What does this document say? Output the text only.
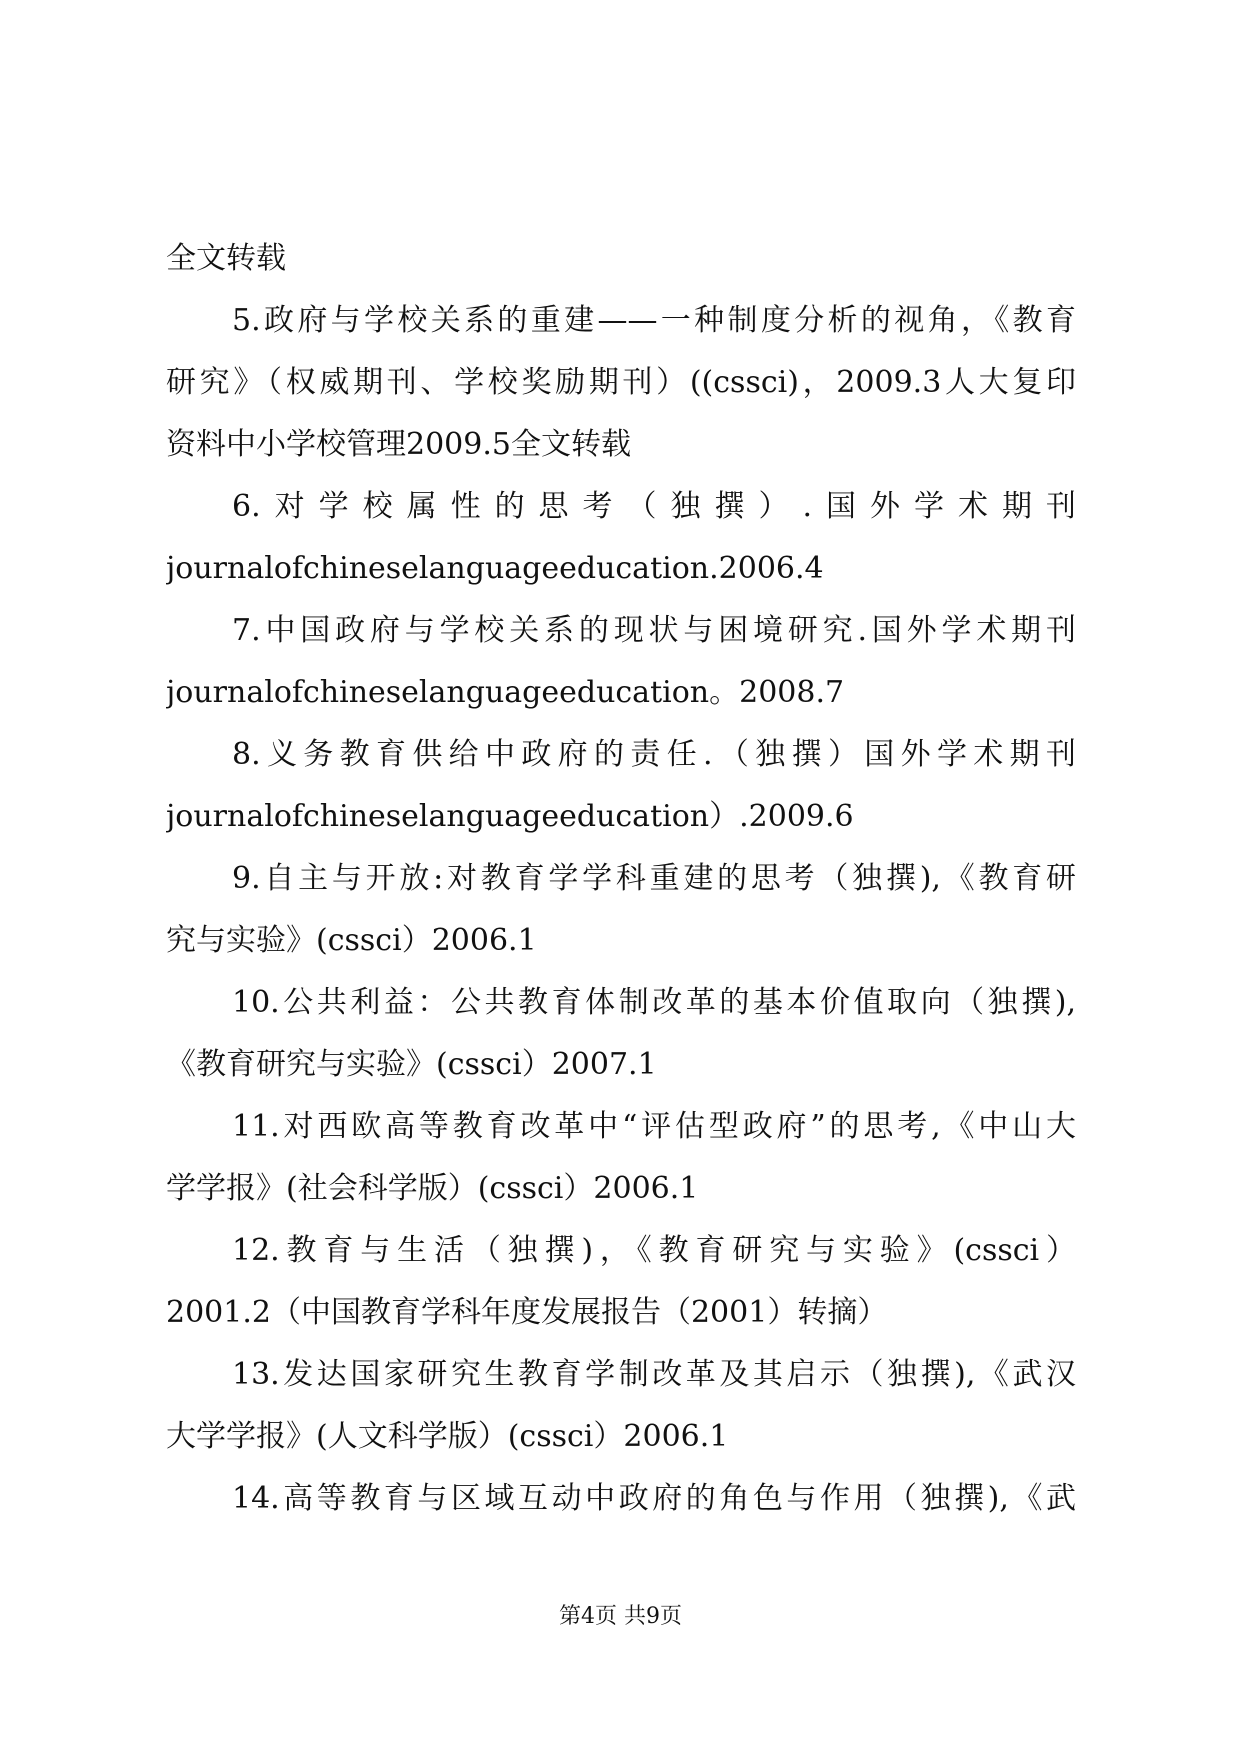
全文转载
5.政府与学校关系的重建——一种制度分析的视角，《教育
研究》（权威期刊、学校奖励期刊）((cssci)，2009.3人大复印
资料中小学校管理2009.5全文转载
6.对学校属性的思考（独撰）.国外学术期刊
journalofchineselanguageeducation.2006.4
7.中国政府与学校关系的现状与困境研究.国外学术期刊
journalofchineselanguageeducation。2008.7
8.义务教育供给中政府的责任.（独撰）国外学术期刊
journalofchineselanguageeducation）.2009.6
9.自主与开放:对教育学学科重建的思考（独撰),《教育研
究与实验》(cssci）2006.1
10.公共利益：公共教育体制改革的基本价值取向（独撰),
《教育研究与实验》(cssci）2007.1
11.对西欧高等教育改革中“评估型政府”的思考,《中山大
学学报》(社会科学版）(cssci）2006.1
12.教育与生活（独撰)，《教育研究与实验》(cssci）
2001.2（中国教育学科年度发展报告（2001）转摘）
13.发达国家研究生教育学制改革及其启示（独撰),《武汉
大学学报》(人文科学版）(cssci）2006.1
14.高等教育与区域互动中政府的角色与作用（独撰),《武
第4页 共9页
